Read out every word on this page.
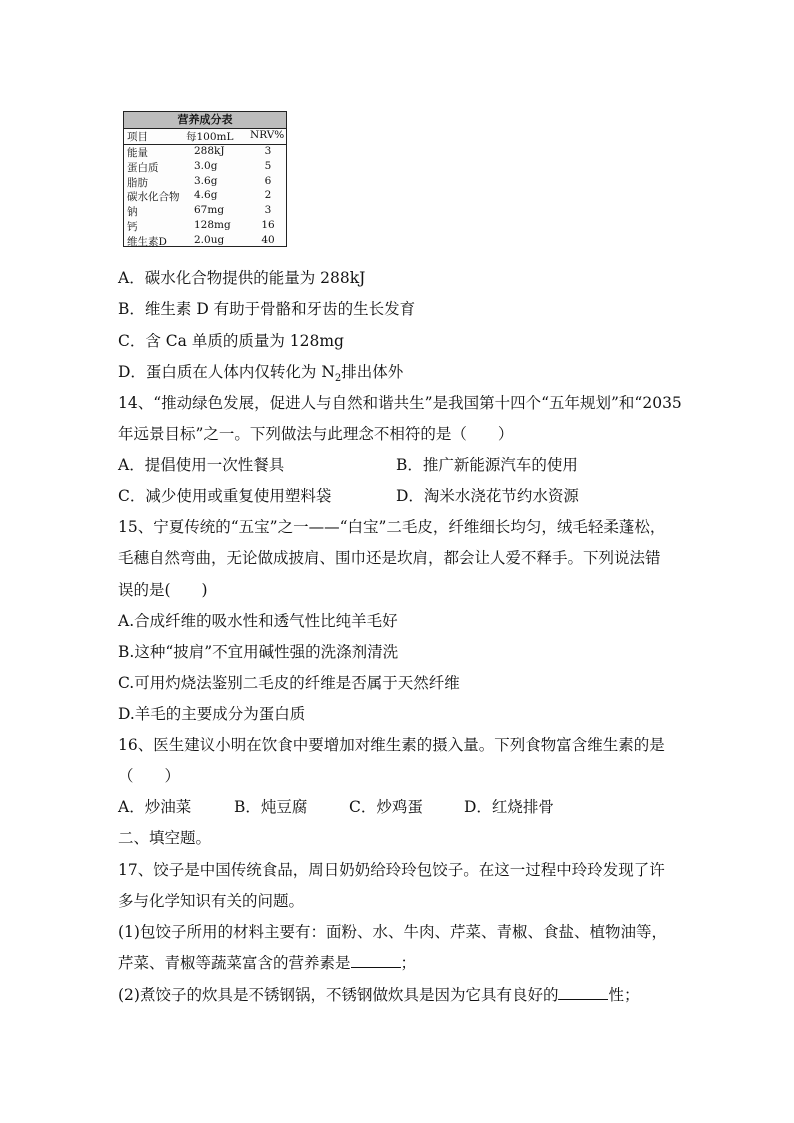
营养成分表
项目	每100mL NRV%
能量	288kJ	3
蛋白质	3.0g	5
脂肪	3.6g	6
碳水化合物 4.6g	2
钠	67mg	3
钙	128mg	16
维生素D	2.0ug	40
A．碳水化合物提供的能量为 288kJ
B．维生素 D 有助于骨骼和牙齿的生长发育
C．含 Ca 单质的质量为 128mg
D．蛋白质在人体内仅转化为 $N_2$排出体外
14、“推动绿色发展，促进人与自然和谐共生”是我国第十四个“五年规划”和“2035
年远景目标”之一。下列做法与此理念不相符的是（　　）
A．提倡使用一次性餐具	B．推广新能源汽车的使用
C．减少使用或重复使用塑料袋	D．淘米水浇花节约水资源
15、宁夏传统的“五宝”之一——“白宝”二毛皮，纤维细长均匀，绒毛轻柔蓬松，
毛穗自然弯曲，无论做成披肩、围巾还是坎肩，都会让人爱不释手。下列说法错
误的是(　　)
A.合成纤维的吸水性和透气性比纯羊毛好
B.这种“披肩”不宜用碱性强的洗涤剂清洗
C.可用灼烧法鉴别二毛皮的纤维是否属于天然纤维
D.羊毛的主要成分为蛋白质
16、医生建议小明在饮食中要增加对维生素的摄入量。下列食物富含维生素的是
（　　）
A．炒油菜	B．炖豆腐	C．炒鸡蛋	D．红烧排骨
二、填空题。
17、饺子是中国传统食品，周日奶奶给玲玲包饺子。在这一过程中玲玲发现了许
多与化学知识有关的问题。
(1)包饺子所用的材料主要有：面粉、水、牛肉、芹菜、青椒、食盐、植物油等，
芹菜、青椒等蔬菜富含的营养素是	；
(2)煮饺子的炊具是不锈钢锅，不锈钢做炊具是因为它具有良好的	性；
